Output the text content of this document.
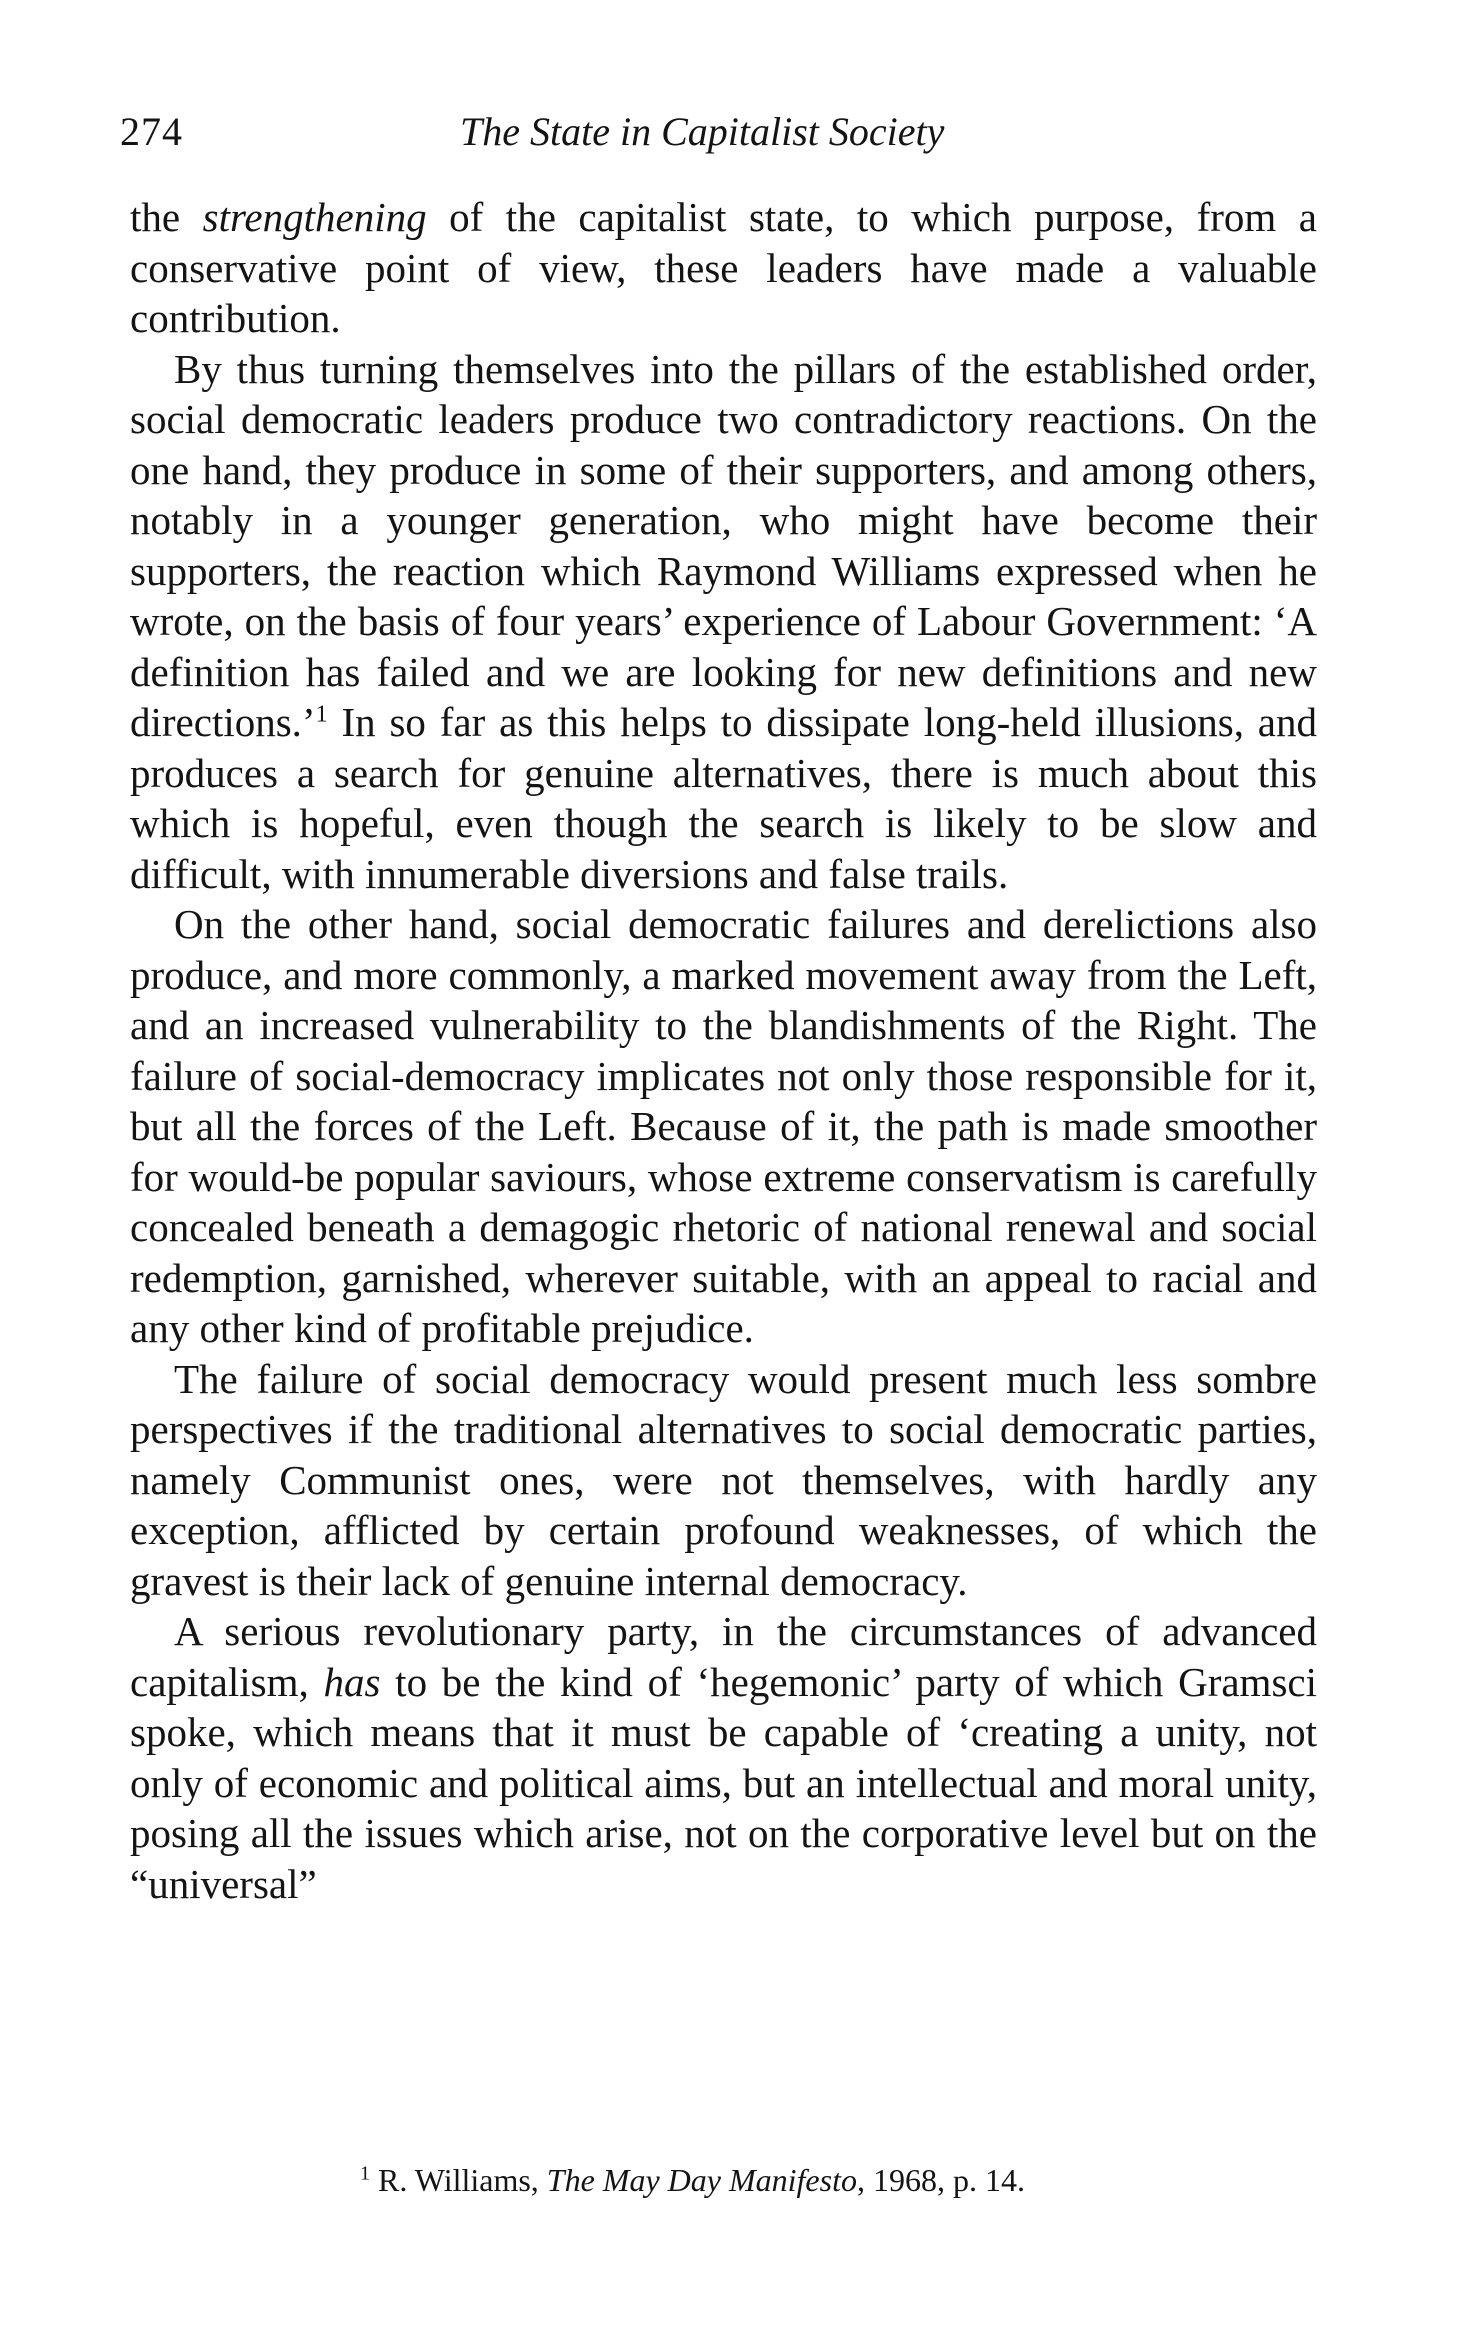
274	The State in Capitalist Society

the strengthening of the capitalist state, to which purpose, from a conservative point of view, these leaders have made a valuable contribution.

By thus turning themselves into the pillars of the established order, social democratic leaders produce two contradictory reactions. On the one hand, they produce in some of their supporters, and among others, notably in a younger generation, who might have become their supporters, the reaction which Raymond Williams expressed when he wrote, on the basis of four years’ experience of Labour Government: ‘A definition has failed and we are looking for new definitions and new directions.’$^1$ In so far as this helps to dissipate long-held illusions, and produces a search for genuine alternatives, there is much about this which is hopeful, even though the search is likely to be slow and difficult, with innumerable diversions and false trails.

On the other hand, social democratic failures and derelictions also produce, and more commonly, a marked movement away from the Left, and an increased vulnerability to the blandishments of the Right. The failure of social-democracy implicates not only those responsible for it, but all the forces of the Left. Because of it, the path is made smoother for would-be popular saviours, whose extreme conservatism is carefully concealed beneath a demagogic rhetoric of national renewal and social redemption, garnished, wherever suitable, with an appeal to racial and any other kind of profitable prejudice.

The failure of social democracy would present much less sombre perspectives if the traditional alternatives to social democratic parties, namely Communist ones, were not themselves, with hardly any exception, afflicted by certain profound weaknesses, of which the gravest is their lack of genuine internal democracy.

A serious revolutionary party, in the circumstances of advanced capitalism, has to be the kind of ‘hegemonic’ party of which Gramsci spoke, which means that it must be capable of ‘creating a unity, not only of economic and political aims, but an intellectual and moral unity, posing all the issues which arise, not on the corporative level but on the “universal”

$^1$ R. Williams, The May Day Manifesto, 1968, p. 14.
